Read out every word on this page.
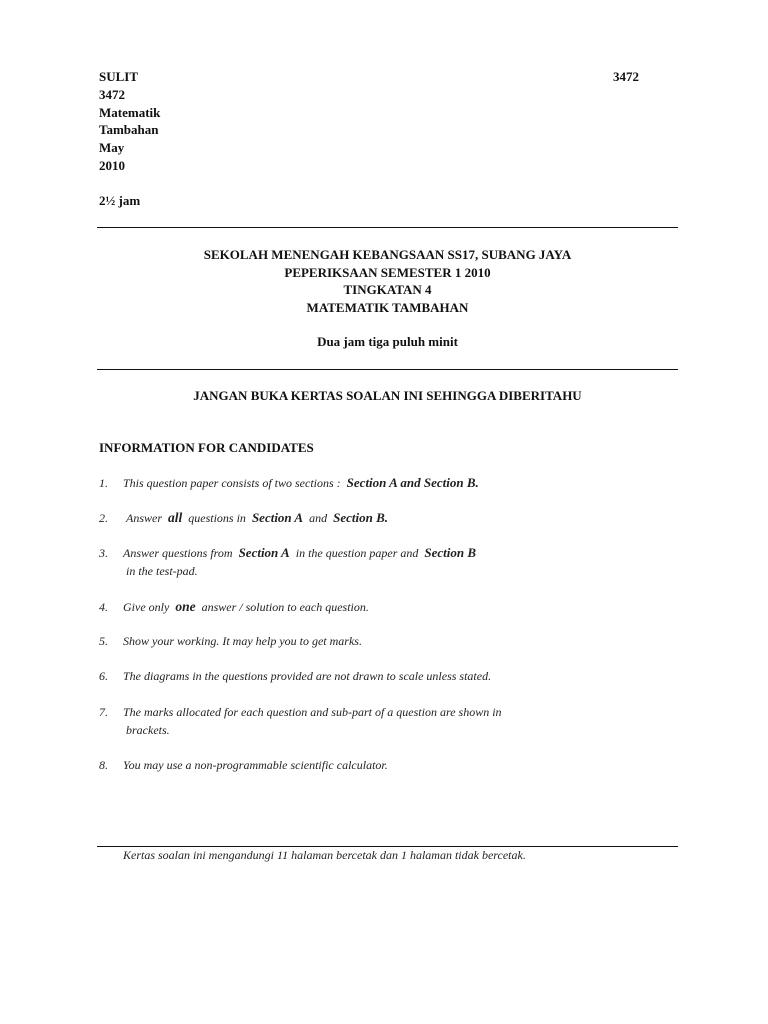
SULIT
3472
Matematik
Tambahan
May
2010
2½ jam
3472
SEKOLAH MENENGAH KEBANGSAAN SS17, SUBANG JAYA
PEPERIKSAAN SEMESTER 1 2010
TINGKATAN 4
MATEMATIK TAMBAHAN
Dua jam tiga puluh minit
JANGAN BUKA KERTAS SOALAN INI SEHINGGA DIBERITAHU
INFORMATION FOR CANDIDATES
1. This question paper consists of two sections : Section A and Section B.
2. Answer all questions in Section A and Section B.
3. Answer questions from Section A in the question paper and Section B
in the test-pad.
4. Give only one answer / solution to each question.
5. Show your working. It may help you to get marks.
6. The diagrams in the questions provided are not drawn to scale unless stated.
7. The marks allocated for each question and sub-part of a question are shown in
brackets.
8. You may use a non-programmable scientific calculator.
Kertas soalan ini mengandungi 11 halaman bercetak dan 1 halaman tidak bercetak.
